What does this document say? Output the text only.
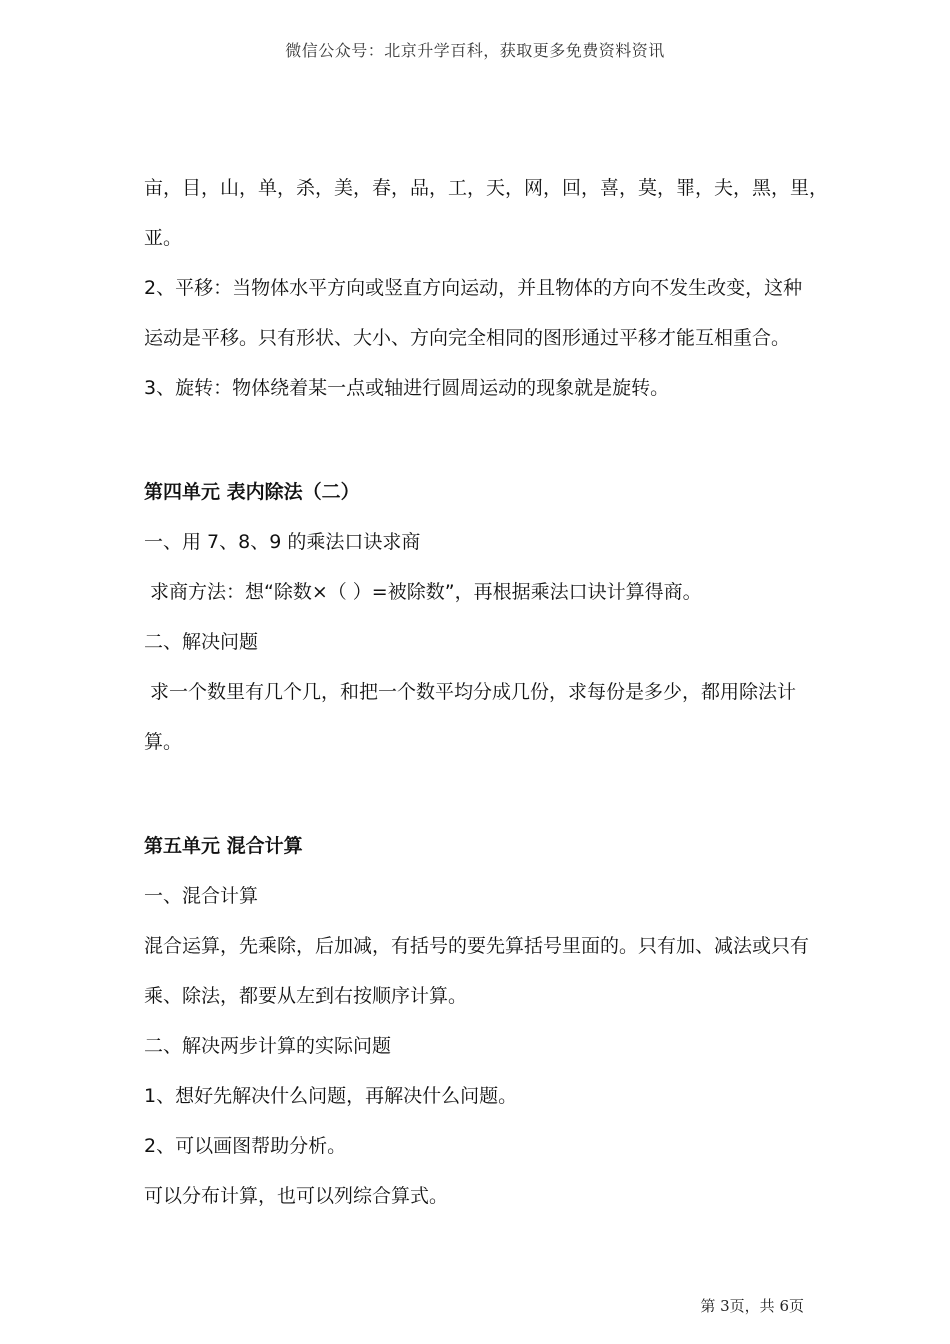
微信公众号：北京升学百科，获取更多免费资料资讯

亩，目，山，单，杀，美，春，品，工，天，网，回，喜，莫，罪，夫，黑，里，

亚。

2、平移：当物体水平方向或竖直方向运动，并且物体的方向不发生改变，这种

运动是平移。只有形状、大小、方向完全相同的图形通过平移才能互相重合。

3、旋转：物体绕着某一点或轴进行圆周运动的现象就是旋转。

第四单元 表内除法（二）

一、用 7、8、9 的乘法口诀求商

求商方法：想“除数×（ ）=被除数”，再根据乘法口诀计算得商。

二、解决问题

求一个数里有几个几，和把一个数平均分成几份，求每份是多少，都用除法计

算。

第五单元 混合计算

一、混合计算

混合运算，先乘除，后加减，有括号的要先算括号里面的。只有加、减法或只有

乘、除法，都要从左到右按顺序计算。

二、解决两步计算的实际问题

1、想好先解决什么问题，再解决什么问题。

2、可以画图帮助分析。

可以分布计算，也可以列综合算式。

第 3页，共 6页
